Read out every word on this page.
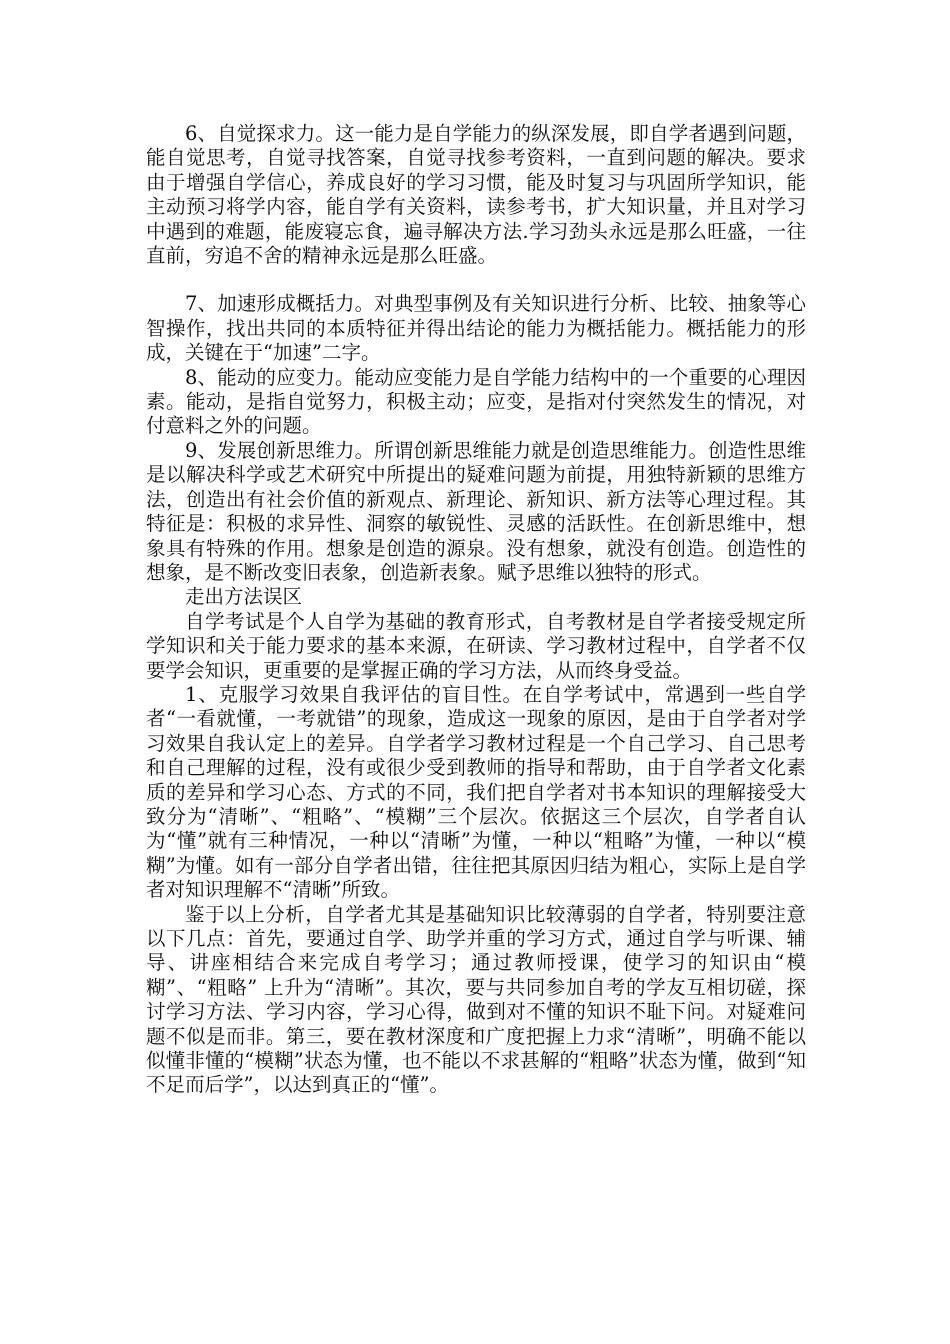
6、自觉探求力。这一能力是自学能力的纵深发展，即自学者遇到问题，能自觉思考，自觉寻找答案，自觉寻找参考资料，一直到问题的解决。要求由于增强自学信心，养成良好的学习习惯，能及时复习与巩固所学知识，能主动预习将学内容，能自学有关资料，读参考书，扩大知识量，并且对学习中遇到的难题，能废寝忘食，遍寻解决方法.学习劲头永远是那么旺盛，一往直前，穷追不舍的精神永远是那么旺盛。

7、加速形成概括力。对典型事例及有关知识进行分析、比较、抽象等心智操作，找出共同的本质特征并得出结论的能力为概括能力。概括能力的形成，关键在于“加速”二字。

8、能动的应变力。能动应变能力是自学能力结构中的一个重要的心理因素。能动，是指自觉努力，积极主动；应变，是指对付突然发生的情况，对付意料之外的问题。

9、发展创新思维力。所谓创新思维能力就是创造思维能力。创造性思维是以解决科学或艺术研究中所提出的疑难问题为前提，用独特新颖的思维方法，创造出有社会价值的新观点、新理论、新知识、新方法等心理过程。其特征是：积极的求异性、洞察的敏锐性、灵感的活跃性。在创新思维中，想象具有特殊的作用。想象是创造的源泉。没有想象，就没有创造。创造性的想象，是不断改变旧表象，创造新表象。赋予思维以独特的形式。

走出方法误区

自学考试是个人自学为基础的教育形式，自考教材是自学者接受规定所学知识和关于能力要求的基本来源，在研读、学习教材过程中，自学者不仅要学会知识，更重要的是掌握正确的学习方法，从而终身受益。

1、克服学习效果自我评估的盲目性。在自学考试中，常遇到一些自学者“一看就懂，一考就错”的现象，造成这一现象的原因，是由于自学者对学习效果自我认定上的差异。自学者学习教材过程是一个自己学习、自己思考和自己理解的过程，没有或很少受到教师的指导和帮助，由于自学者文化素质的差异和学习心态、方式的不同，我们把自学者对书本知识的理解接受大致分为“清晰”、“粗略”、“模糊”三个层次。依据这三个层次，自学者自认为“懂”就有三种情况，一种以“清晰”为懂，一种以“粗略”为懂，一种以“模糊”为懂。如有一部分自学者出错，往往把其原因归结为粗心，实际上是自学者对知识理解不“清晰”所致。

鉴于以上分析，自学者尤其是基础知识比较薄弱的自学者，特别要注意以下几点：首先，要通过自学、助学并重的学习方式，通过自学与听课、辅导、讲座相结合来完成自考学习；通过教师授课，使学习的知识由“模糊”、“粗略” 上升为“清晰”。其次，要与共同参加自考的学友互相切磋，探讨学习方法、学习内容，学习心得，做到对不懂的知识不耻下问。对疑难问题不似是而非。第三，要在教材深度和广度把握上力求“清晰”，明确不能以似懂非懂的“模糊”状态为懂，也不能以不求甚解的“粗略”状态为懂，做到“知不足而后学”，以达到真正的“懂”。
